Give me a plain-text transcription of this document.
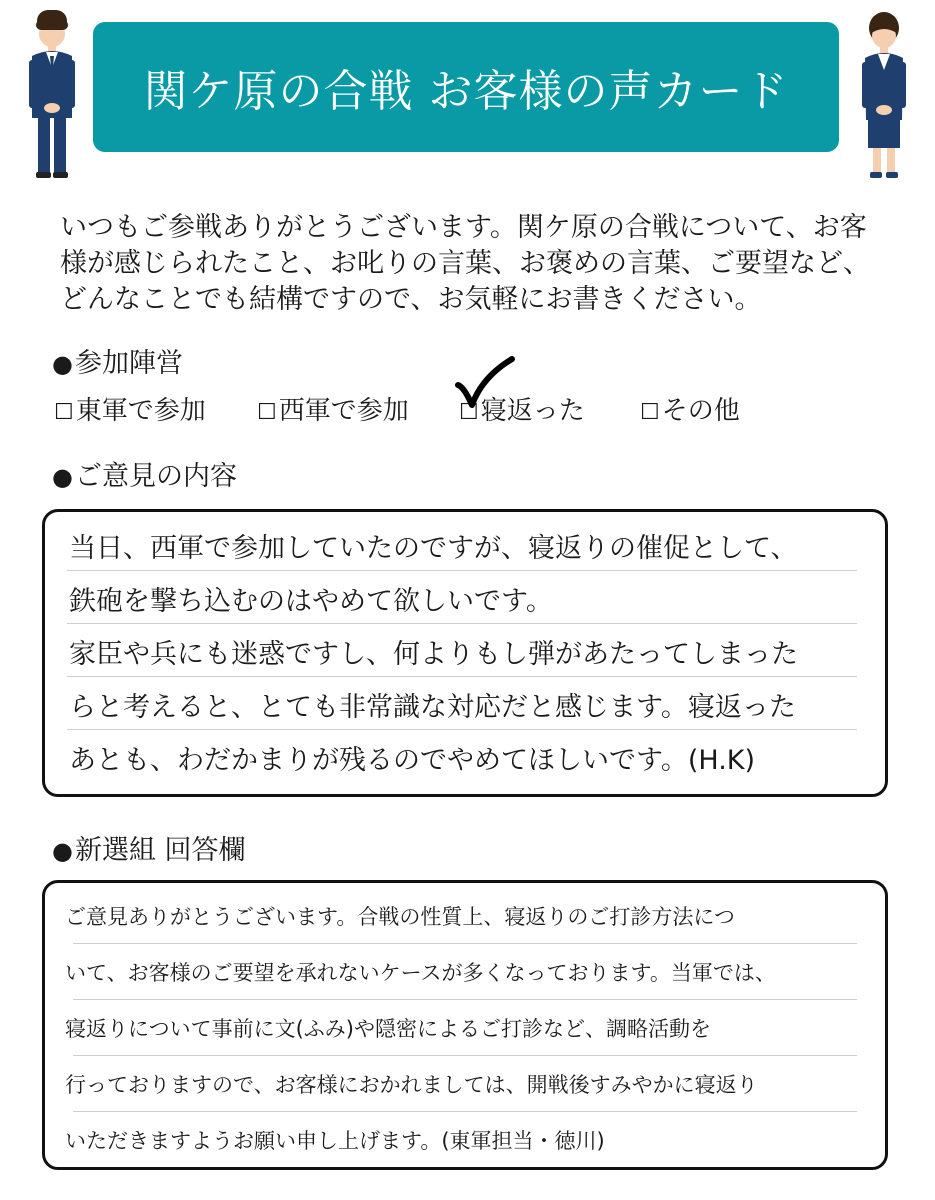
関ケ原の合戦 お客様の声カード

いつもご参戦ありがとうございます。関ケ原の合戦について、お客様が感じられたこと、お叱りの言葉、お褒めの言葉、ご要望など、どんなことでも結構ですので、お気軽にお書きください。

●参加陣営

☐東軍で参加 ☐西軍で参加 ☐寝返った	☐その他

●ご意見の内容

当日、西軍で参加していたのですが、寝返りの催促として、
鉄砲を撃ち込むのはやめて欲しいです。
家臣や兵にも迷惑ですし、何よりもし弾があたってしまった
らと考えると、とても非常識な対応だと感じます。寝返った
あとも、わだかまりが残るのでやめてほしいです。(H.K)

●新選組 回答欄

ご意見ありがとうございます。合戦の性質上、寝返りのご打診方法につ
いて、お客様のご要望を承れないケースが多くなっております。当軍では、
寝返りについて事前に文(ふみ)や隠密によるご打診など、調略活動を
行っておりますので、お客様におかれましては、開戦後すみやかに寝返り
いただきますようお願い申し上げます。(東軍担当・徳川)
